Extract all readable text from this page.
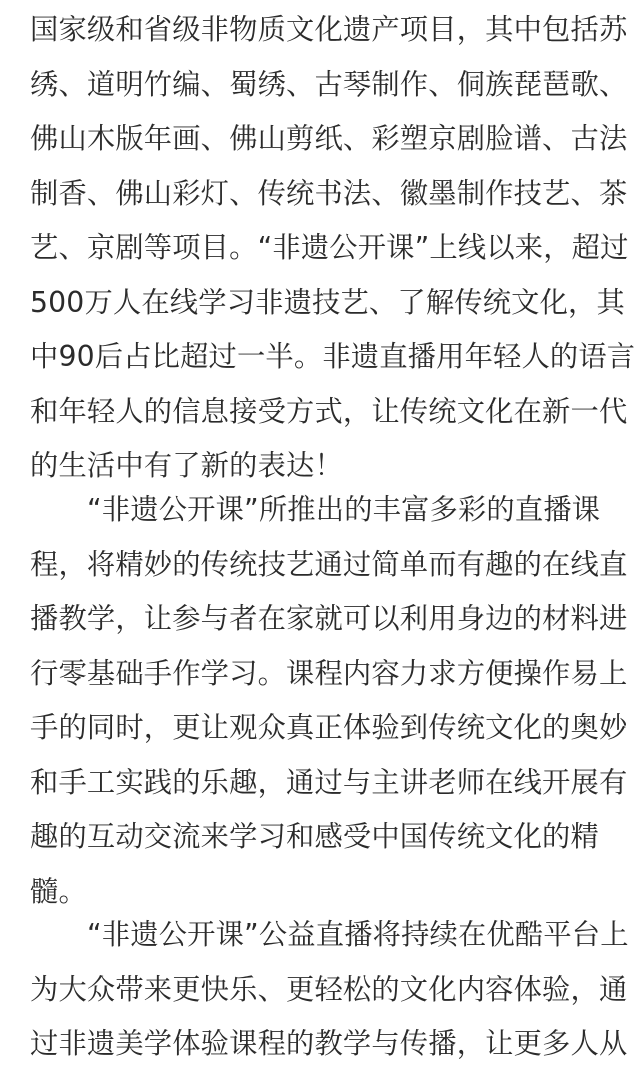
国家级和省级非物质文化遗产项目，其中包括苏
绣、道明竹编、蜀绣、古琴制作、侗族琵琶歌、
佛山木版年画、佛山剪纸、彩塑京剧脸谱、古法
制香、佛山彩灯、传统书法、徽墨制作技艺、茶
艺、京剧等项目。“非遗公开课”上线以来，超过
500万人在线学习非遗技艺、了解传统文化，其
中90后占比超过一半。非遗直播用年轻人的语言
和年轻人的信息接受方式，让传统文化在新一代
的生活中有了新的表达！
“非遗公开课”所推出的丰富多彩的直播课
程，将精妙的传统技艺通过简单而有趣的在线直
播教学，让参与者在家就可以利用身边的材料进
行零基础手作学习。课程内容力求方便操作易上
手的同时，更让观众真正体验到传统文化的奥妙
和手工实践的乐趣，通过与主讲老师在线开展有
趣的互动交流来学习和感受中国传统文化的精
髓。
“非遗公开课”公益直播将持续在优酷平台上
为大众带来更快乐、更轻松的文化内容体验，通
过非遗美学体验课程的教学与传播，让更多人从
